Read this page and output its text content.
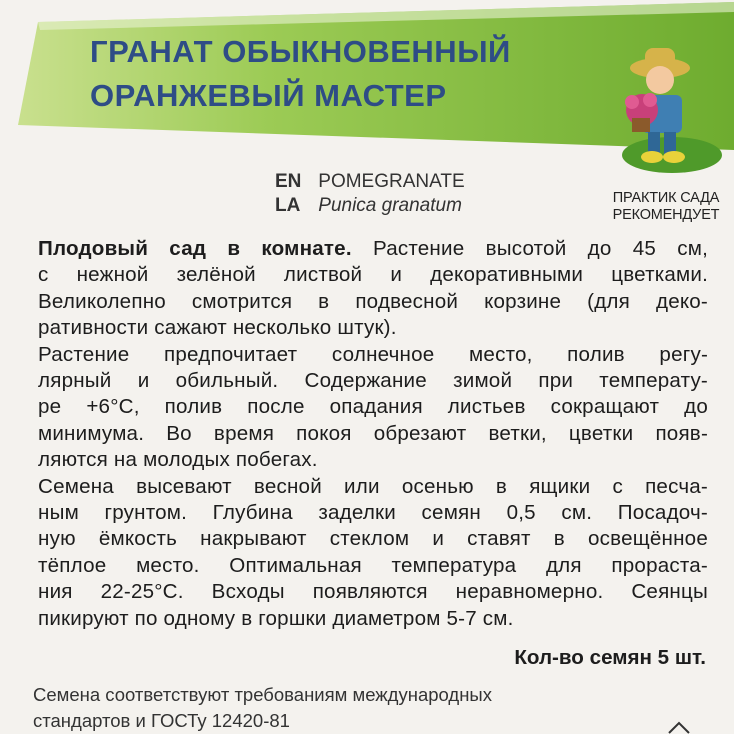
ГРАНАТ ОБЫКНОВЕННЫЙ
ОРАНЖЕВЫЙ МАСТЕР
ПРАКТИК САДА
РЕКОМЕНДУЕТ
EN POMEGRANATE
LA Punica granatum
Плодовый сад в комнате. Растение высотой до 45 см,
с нежной зелёной листвой и декоративными цветками.
Великолепно смотрится в подвесной корзине (для деко-
ративности сажают несколько штук).
Растение предпочитает солнечное место, полив регу-
лярный и обильный. Содержание зимой при температу-
ре +6°С, полив после опадания листьев сокращают до
минимума. Во время покоя обрезают ветки, цветки появ-
ляются на молодых побегах.
Семена высевают весной или осенью в ящики с песча-
ным грунтом. Глубина заделки семян 0,5 см. Посадоч-
ную ёмкость накрывают стеклом и ставят в освещённое
тёплое место. Оптимальная температура для прораста-
ния 22-25°С. Всходы появляются неравномерно. Сеянцы
пикируют по одному в горшки диаметром 5-7 см.
Кол-во семян 5 шт.
Семена соответствуют требованиям международных
стандартов и ГОСТу 12420-81
